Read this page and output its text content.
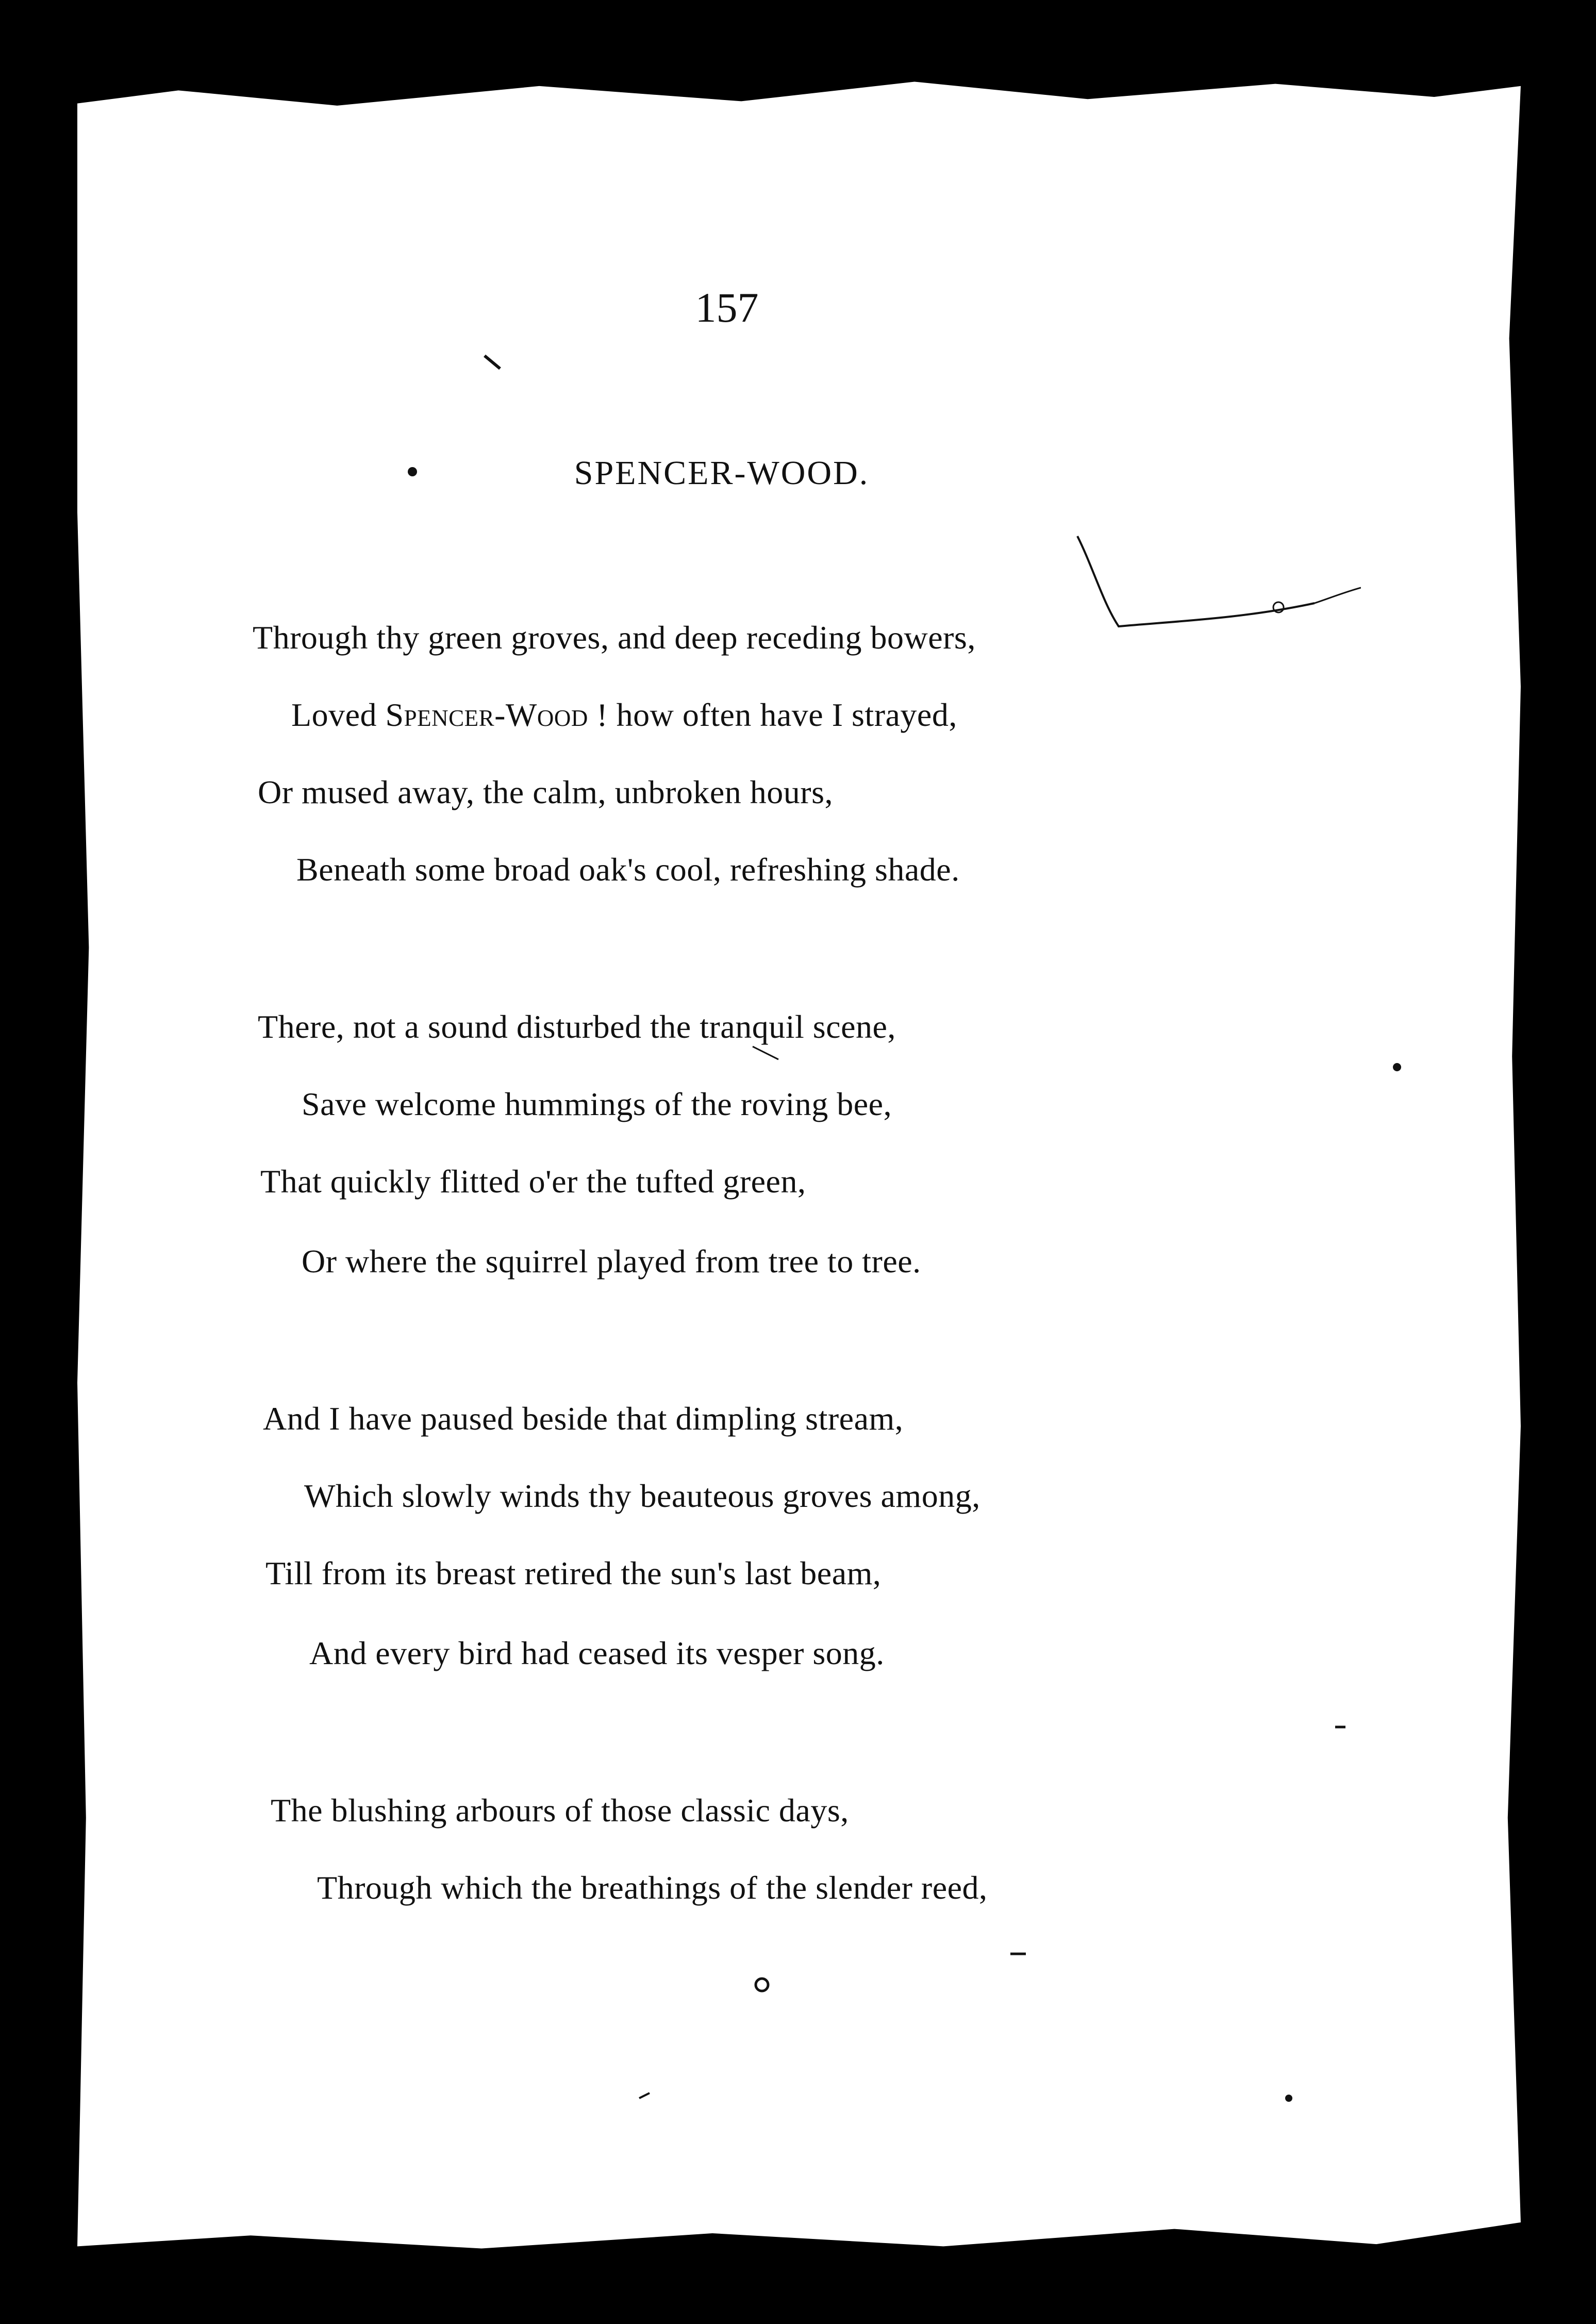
157
SPENCER-WOOD.
Through thy green groves, and deep receding bowers,
Loved Spencer-Wood ! how often have I strayed,
Or mused away, the calm, unbroken hours,
Beneath some broad oak's cool, refreshing shade.
There, not a sound disturbed the tranquil scene,
Save welcome hummings of the roving bee,
That quickly flitted o'er the tufted green,
Or where the squirrel played from tree to tree.
And I have paused beside that dimpling stream,
Which slowly winds thy beauteous groves among,
Till from its breast retired the sun's last beam,
And every bird had ceased its vesper song.
The blushing arbours of those classic days,
Through which the breathings of the slender reed,
